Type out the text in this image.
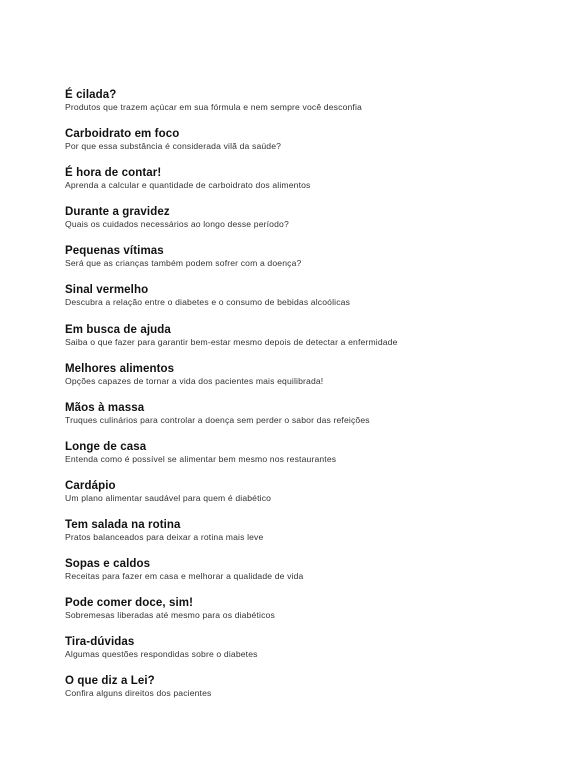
É cilada?
Produtos que trazem açúcar em sua fórmula e nem sempre você desconfia
Carboidrato em foco
Por que essa substância é considerada vilã da saúde?
É hora de contar!
Aprenda a calcular e quantidade de carboidrato dos alimentos
Durante a gravidez
Quais os cuidados necessários ao longo desse período?
Pequenas vítimas
Será que as crianças também podem sofrer com a doença?
Sinal vermelho
Descubra a relação entre o diabetes e o consumo de bebidas alcoólicas
Em busca de ajuda
Saiba o que fazer para garantir bem-estar mesmo depois de detectar a enfermidade
Melhores alimentos
Opções capazes de tornar a vida dos pacientes mais equilibrada!
Mãos à massa
Truques culinários para controlar a doença sem perder o sabor das refeições
Longe de casa
Entenda como é possível se alimentar bem mesmo nos restaurantes
Cardápio
Um plano alimentar saudável para quem é diabético
Tem salada na rotina
Pratos balanceados para deixar a rotina mais leve
Sopas e caldos
Receitas para fazer em casa e melhorar a qualidade de vida
Pode comer doce, sim!
Sobremesas liberadas até mesmo para os diabéticos
Tira-dúvidas
Algumas questões respondidas sobre o diabetes
O que diz a Lei?
Confira alguns direitos dos pacientes
